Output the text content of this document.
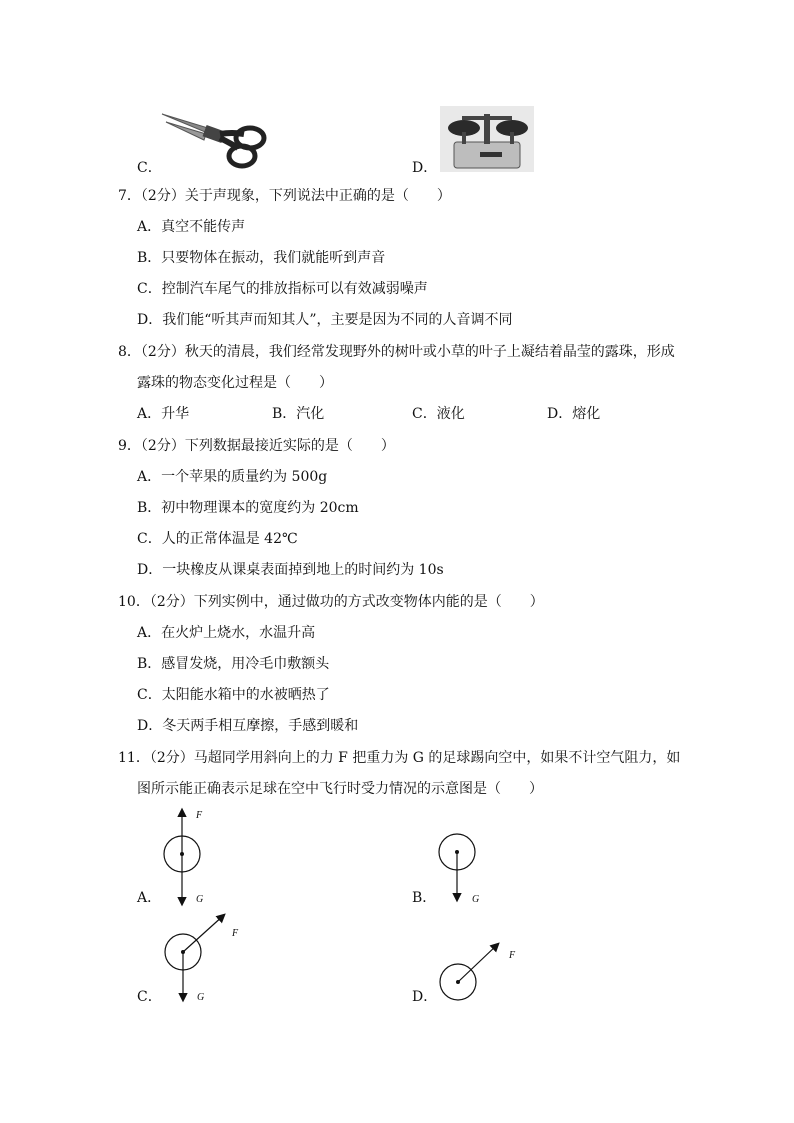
C．	D．
7．（2分）关于声现象，下列说法中正确的是（　　）
A．真空不能传声
B．只要物体在振动，我们就能听到声音
C．控制汽车尾气的排放指标可以有效减弱噪声
D．我们能“听其声而知其人”，主要是因为不同的人音调不同
8．（2分）秋天的清晨，我们经常发现野外的树叶或小草的叶子上凝结着晶莹的露珠，形成
露珠的物态变化过程是（　　）
A．升华	B．汽化	C．液化	D．熔化
9．（2分）下列数据最接近实际的是（　　）
A．一个苹果的质量约为 500g
B．初中物理课本的宽度约为 20cm
C．人的正常体温是 42℃
D．一块橡皮从课桌表面掉到地上的时间约为 10s
10．（2分）下列实例中，通过做功的方式改变物体内能的是（　　）
A．在火炉上烧水，水温升高
B．感冒发烧，用冷毛巾敷额头
C．太阳能水箱中的水被晒热了
D．冬天两手相互摩擦，手感到暖和
11．（2分）马超同学用斜向上的力 F 把重力为 G 的足球踢向空中，如果不计空气阻力，如
图所示能正确表示足球在空中飞行时受力情况的示意图是（　　）
F
G
A．	G
B．
F
G
C．
F
D．
